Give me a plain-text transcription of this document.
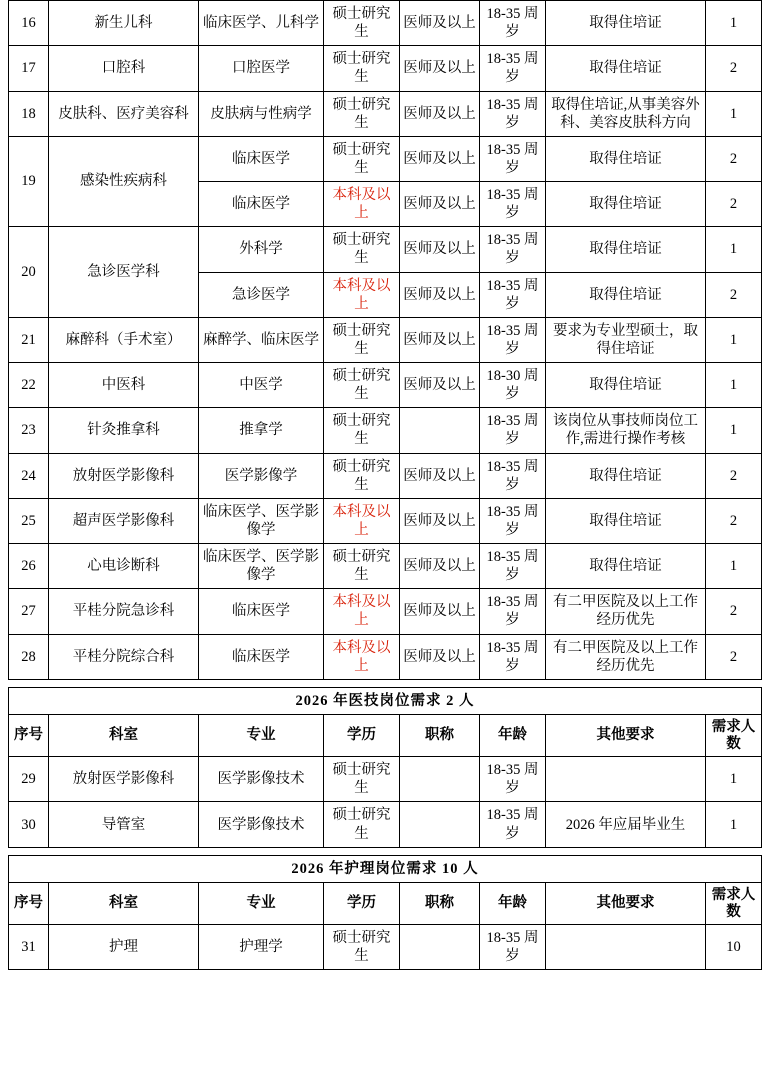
16	新生儿科	临床医学、儿科学	硕士研究生	医师及以上	18-35 周岁	取得住培证	1
17	口腔科	口腔医学	硕士研究生	医师及以上	18-35 周岁	取得住培证	2
18	皮肤科、医疗美容科	皮肤病与性病学	硕士研究生	医师及以上	18-35 周岁	取得住培证,从事美容外科、美容皮肤科方向	1
19	感染性疾病科	临床医学	硕士研究生	医师及以上	18-35 周岁	取得住培证	2
		临床医学	本科及以上	医师及以上	18-35 周岁	取得住培证	2
20	急诊医学科	外科学	硕士研究生	医师及以上	18-35 周岁	取得住培证	1
		急诊医学	本科及以上	医师及以上	18-35 周岁	取得住培证	2
21	麻醉科（手术室）	麻醉学、临床医学	硕士研究生	医师及以上	18-35 周岁	要求为专业型硕士，取得住培证	1
22	中医科	中医学	硕士研究生	医师及以上	18-30 周岁	取得住培证	1
23	针灸推拿科	推拿学	硕士研究生		18-35 周岁	该岗位从事技师岗位工作,需进行操作考核	1
24	放射医学影像科	医学影像学	硕士研究生	医师及以上	18-35 周岁	取得住培证	2
25	超声医学影像科	临床医学、医学影像学	本科及以上	医师及以上	18-35 周岁	取得住培证	2
26	心电诊断科	临床医学、医学影像学	硕士研究生	医师及以上	18-35 周岁	取得住培证	1
27	平桂分院急诊科	临床医学	本科及以上	医师及以上	18-35 周岁	有二甲医院及以上工作经历优先	2
28	平桂分院综合科	临床医学	本科及以上	医师及以上	18-35 周岁	有二甲医院及以上工作经历优先	2
2026 年医技岗位需求 2 人							
序号	科室	专业	学历	职称	年龄	其他要求	需求人数
29	放射医学影像科	医学影像技术	硕士研究生		18-35 周岁		1
30	导管室	医学影像技术	硕士研究生		18-35 周岁	2026 年应届毕业生	1
2026 年护理岗位需求 10 人							
序号	科室	专业	学历	职称	年龄	其他要求	需求人数
31	护理	护理学	硕士研究生		18-35 周岁		10
